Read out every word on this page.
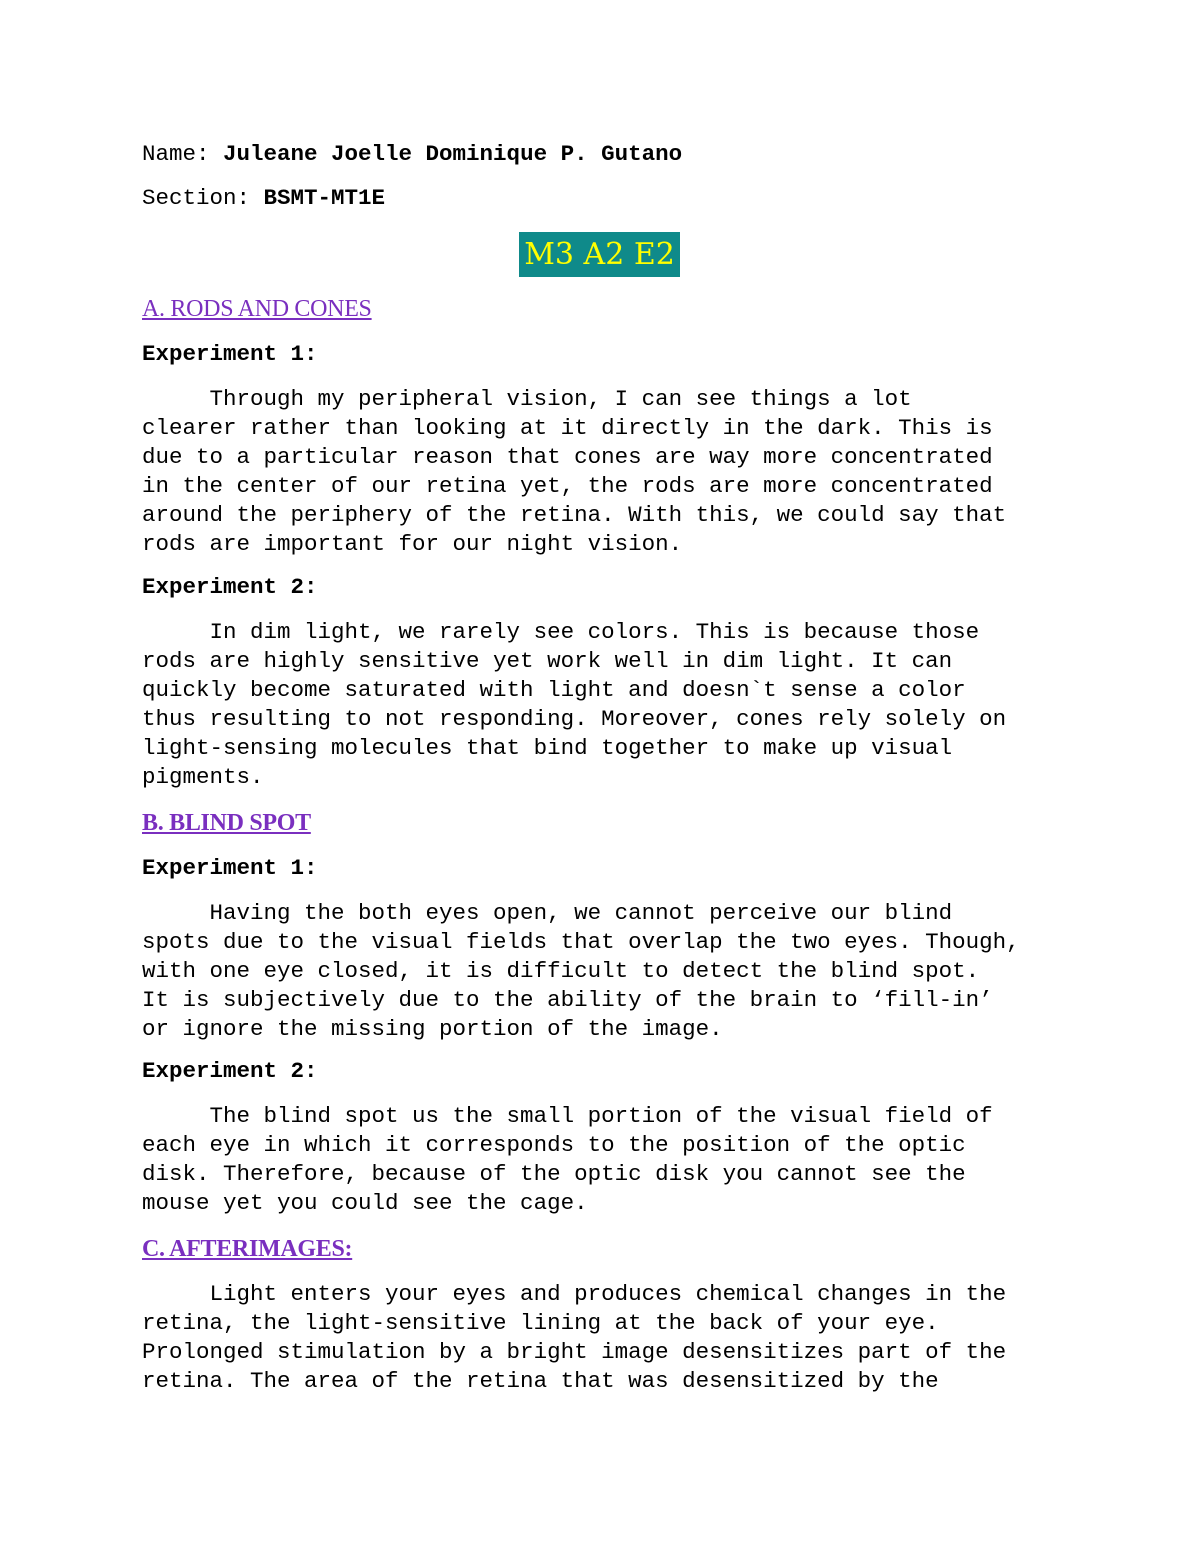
Name: Juleane Joelle Dominique P. Gutano
Section: BSMT-MT1E
M3 A2 E2
A. RODS AND CONES
Experiment 1:
Through my peripheral vision, I can see things a lot
clearer rather than looking at it directly in the dark. This is
due to a particular reason that cones are way more concentrated
in the center of our retina yet, the rods are more concentrated
around the periphery of the retina. With this, we could say that
rods are important for our night vision.
Experiment 2:
In dim light, we rarely see colors. This is because those
rods are highly sensitive yet work well in dim light. It can
quickly become saturated with light and doesn`t sense a color
thus resulting to not responding. Moreover, cones rely solely on
light-sensing molecules that bind together to make up visual
pigments.
B. BLIND SPOT
Experiment 1:
Having the both eyes open, we cannot perceive our blind
spots due to the visual fields that overlap the two eyes. Though,
with one eye closed, it is difficult to detect the blind spot.
It is subjectively due to the ability of the brain to ‘fill-in’
or ignore the missing portion of the image.
Experiment 2:
The blind spot us the small portion of the visual field of
each eye in which it corresponds to the position of the optic
disk. Therefore, because of the optic disk you cannot see the
mouse yet you could see the cage.
C. AFTERIMAGES:
Light enters your eyes and produces chemical changes in the
retina, the light-sensitive lining at the back of your eye.
Prolonged stimulation by a bright image desensitizes part of the
retina. The area of the retina that was desensitized by the
